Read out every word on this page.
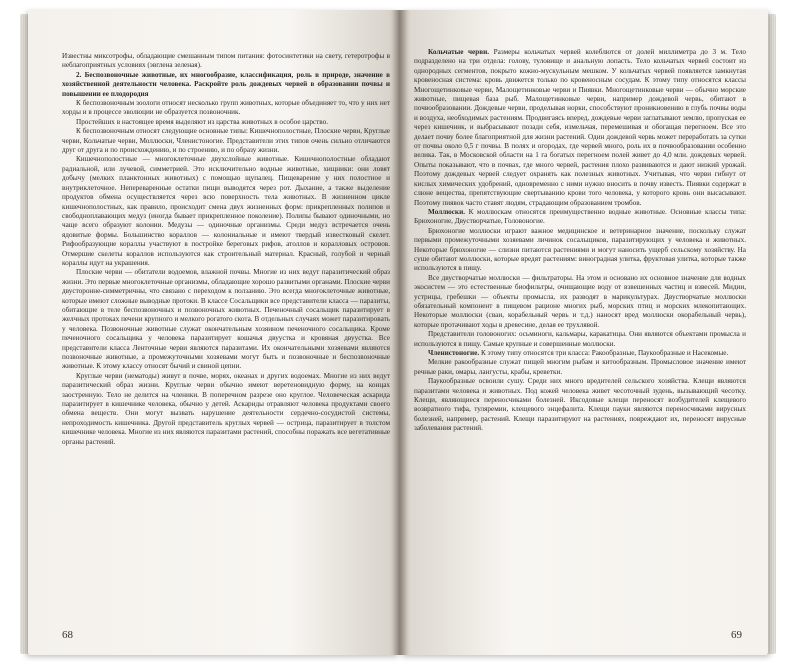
Известны миксотрофы, обладающие смешанным типом питания: фотосинтетики на свету, гетеротрофы в неблагоприятных условиях (эвглена зеленая).

2. Беспозвоночные животные, их многообразие, классификация, роль в природе, значение в хозяйственной деятельности человека. Раскройте роль дождевых червей в образовании почвы и повышении ее плодородия

К беспозвоночным зоологи относят несколько групп животных, которые объединяет то, что у них нет хорды и в процессе эволюции не образуется позвоночник.

Простейших в настоящее время выделяют из царства животных в особое царство.

К беспозвоночным относят следующие основные типы: Кишечнополостные, Плоские черви, Круглые черви, Кольчатые черви, Моллюски, Членистоногие. Представители этих типов очень сильно отличаются друг от друга и по происхождению, и по строению, и по образу жизни.

Кишечнополостные — многоклеточные двухслойные животные. Кишечнополостные обладают радиальной, или лучевой, симметрией. Это исключительно водные животные, хищники: они ловят добычу (мелких планктонных животных) с помощью щупалец. Пищеварение у них полостное и внутриклеточное. Непереваренные остатки пищи выводятся через рот. Дыхание, а также выделение продуктов обмена осуществляется через всю поверхность тела животных. В жизненном цикле кишечнополостных, как правило, происходит смена двух жизненных форм: прикрепленных полипов и свободноплавающих медуз (иногда бывает прикрепленное поколение). Полипы бывают одиночными, но чаще всего образуют колонии. Медузы — одиночные организмы. Среди медуз встречается очень ядовитые формы. Большинство кораллов — колониальные и имеют твердый известковый скелет. Рифообразующие кораллы участвуют в постройке береговых рифов, атоллов и коралловых островов. Отмершие скелеты кораллов используются как строительный материал. Красный, голубой и черный кораллы идут на украшения.

Плоские черви — обитатели водоемов, влажной почвы. Многие из них ведут паразитический образ жизни. Это первые многоклеточные организмы, обладающие хорошо развитыми органами. Плоские черви двусторонне-симметричны, что связано с переходом к ползанию. Это всегда многоклеточные животные, которые имеют сложные выводные протоки. В классе Сосальщики все представители класса — паразиты, обитающие в теле беспозвоночных и позвоночных животных. Печеночный сосальщик паразитирует в желчных протоках печени крупного и мелкого рогатого скота. В отдельных случаях может паразитировать у человека. Позвоночные животные служат окончательным хозяином печеночного сосальщика. Кроме печеночного сосальщика у человека паразитирует кошачья двуустка и кровяная двуустка. Все представители класса Ленточные черви являются паразитами. Их окончательными хозяевами являются позвоночные животные, а промежуточными хозяевами могут быть и позвоночные и беспозвоночные животные. К этому классу относят бычий и свиной цепни.

Круглые черви (нематоды) живут в почве, морях, океанах и других водоемах. Многие из них ведут паразитический образ жизни. Круглые черви обычно имеют веретеновидную форму, на концах заостренную. Тело не делится на членики. В поперечном разрезе оно круглое. Человеческая аскарида паразитирует в кишечнике человека, обычно у детей. Аскариды отравляют человека продуктами своего обмена веществ. Они могут вызвать нарушение деятельности сердечно-сосудистой системы, непроходимость кишечника. Другой представитель круглых червей — острица, паразитирует в толстом кишечнике человека. Многие из них являются паразитами растений, способны поражать все вегетативные органы растений.

68

Кольчатые черви. Размеры кольчатых червей колеблются от долей миллиметра до 3 м. Тело подразделено на три отдела: голову, туловище и анальную лопасть. Тело кольчатых червей состоит из однородных сегментов, покрыто кожно-мускульным мешком. У кольчатых червей появляется замкнутая кровеносная система: кровь движется только по кровеносным сосудам. К этому типу относятся классы Многощетинковые черви, Малощетинковые черви и Пиявки. Многощетинковые черви — обычно морские животные, пищевая база рыб. Малощетинковые черви, например дождевой червь, обитают в почвообразовании. Дождевые черви, проделывая норки, способствуют проникновению в глубь почвы воды и воздуха, необходимых растениям. Продвигаясь вперед, дождевые черви заглатывают землю, пропуская ее через кишечник, и выбрасывают позади себя, измельчая, перемешивая и обогащая перегноем. Все это делает почву более благоприятной для жизни растений. Один дождевой червь может переработать за сутки от почвы около 0,5 г почвы. В полях и огородах, где червей много, роль их в почвообразовании особенно велика. Так, в Московской области на 1 га богатых перегноем полей живет до 4,0 млн. дождевых червей. Опыты показывают, что в почвах, где много червей, растения плохо развиваются и дают низкий урожай. Поэтому дождевых червей следует охранять как полезных животных. Учитывая, что черви гибнут от кислых химических удобрений, одновременно с ними нужно вносить в почву известь. Пиявки содержат в слюне вещества, препятствующие свертыванию крови того человека, у которого кровь они высасывают. Поэтому пиявок часто ставят людям, страдающим образованием тромбов.

Моллюски. К моллюскам относятся преимущественно водные животные. Основные классы типа: Брюхоногие, Двустворчатые, Головоногие.

Брюхоногие моллюски играют важное медицинское и ветеринарное значение, поскольку служат первыми промежуточными хозяевами личинок сосальщиков, паразитирующих у человека и животных. Некоторые брюхоногие — слизни питаются растениями и могут наносить ущерб сельскому хозяйству. На суше обитают моллюски, которые вредят растениям: виноградная улитка, фруктовая улитка, которые также используются в пищу.

Все двустворчатые моллюски — фильтраторы. На этом и основано их основное значение для водных экосистем — это естественные биофильтры, очищающие воду от взвешенных частиц и взвесей. Мидии, устрицы, гребешки — объекты промысла, их разводят в марикультурах. Двустворчатые моллюски обязательный компонент в пищевом рационе многих рыб, морских птиц и морских млекопитающих. Некоторые моллюски (сваи, корабельный червь и т.д.) наносят вред моллюски окорабельный червь), которые протачивают ходы в древесине, делая ее трухлявой.

Представители головоногих: осьминоги, кальмары, каракатицы. Они являются объектами промысла и используются в пищу. Самые крупные и совершенные моллюски.

Членистоногие. К этому типу относятся три класса: Ракообразные, Паукообразные и Насекомые.

Мелкие ракообразные служат пищей многим рыбам и китообразным. Промысловое значение имеют речные раки, омары, лангусты, крабы, креветки.

Паукообразные освоили сушу. Среди них много вредителей сельского хозяйства. Клещи являются паразитами человека и животных. Под кожей человека живет чесоточный зудень, вызывающий чесотку. Клещи, являющиеся переносчиками болезней. Иксодовые клещи переносят возбудителей клещевого возвратного тифа, туляремии, клещевого энцефалита. Клещи пауки являются переносчиками вирусных болезней, например, растений. Клещи паразитируют на растениях, повреждают их, переносят вирусные заболевания растений.

69
